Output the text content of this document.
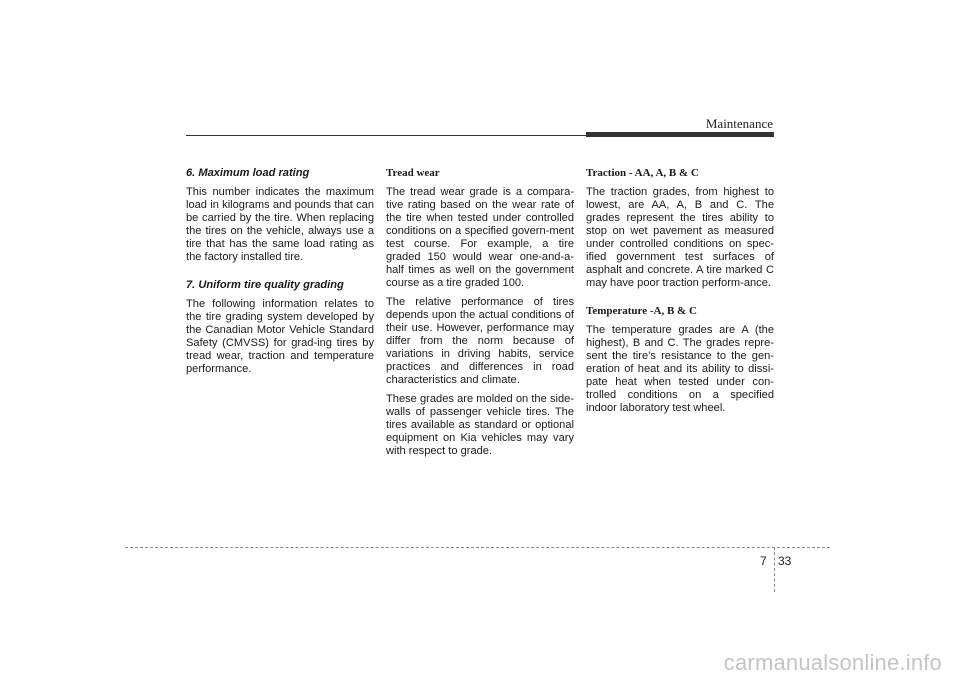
Maintenance
6. Maximum load rating

This number indicates the maximum load in kilograms and pounds that can be carried by the tire. When replacing the tires on the vehicle, always use a tire that has the same load rating as the factory installed tire.

7. Uniform tire quality grading

The following information relates to the tire grading system developed by the Canadian Motor Vehicle Standard Safety (CMVSS) for grad-ing tires by tread wear, traction and temperature performance.

Tread wear

The tread wear grade is a compara-tive rating based on the wear rate of the tire when tested under controlled conditions on a specified govern-ment test course. For example, a tire graded 150 would wear one-and-a-half times as well on the government course as a tire graded 100.

The relative performance of tires depends upon the actual conditions of their use. However, performance may differ from the norm because of variations in driving habits, service practices and differences in road characteristics and climate.

These grades are molded on the side-walls of passenger vehicle tires. The tires available as standard or optional equipment on Kia vehicles may vary with respect to grade.

Traction - AA, A, B & C

The traction grades, from highest to lowest, are AA, A, B and C. The grades represent the tires ability to stop on wet pavement as measured under controlled conditions on spec-ified government test surfaces of asphalt and concrete. A tire marked C may have poor traction perform-ance.

Temperature -A, B & C

The temperature grades are A (the highest), B and C. The grades repre-sent the tire’s resistance to the gen-eration of heat and its ability to dissi-pate heat when tested under con-trolled conditions on a specified indoor laboratory test wheel.

7 33
carmanualsonline.info
